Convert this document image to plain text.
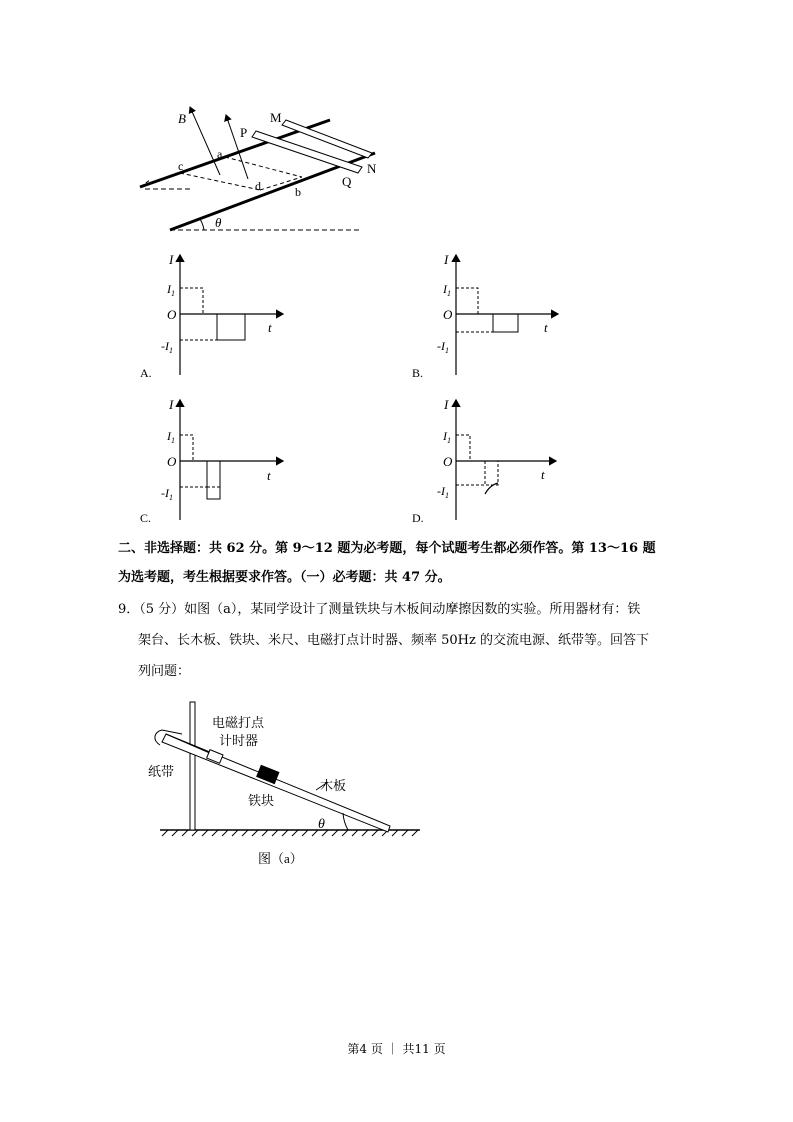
B
P
M
N
Q
a
b
c
d
θ
I
t
O
$I_1$
$-I_1$
A.
I
t
O
$I_1$
$-I_1$
B.
I
t
O
$I_1$
$-I_1$
C.
I
t
O
$I_1$
$-I_1$
D.
二、非选择题：共 62 分。第 9～12 题为必考题，每个试题考生都必须作答。第 13～16 题
为选考题，考生根据要求作答。（一）必考题：共 47 分。
9．（5 分）如图（a），某同学设计了测量铁块与木板间动摩擦因数的实验。所用器材有：铁
架台、长木板、铁块、米尺、电磁打点计时器、频率 50Hz 的交流电源、纸带等。回答下
列问题：
电磁打点
计时器
纸带
铁块
木板
θ
图（a）
第4 页 ｜ 共11 页
